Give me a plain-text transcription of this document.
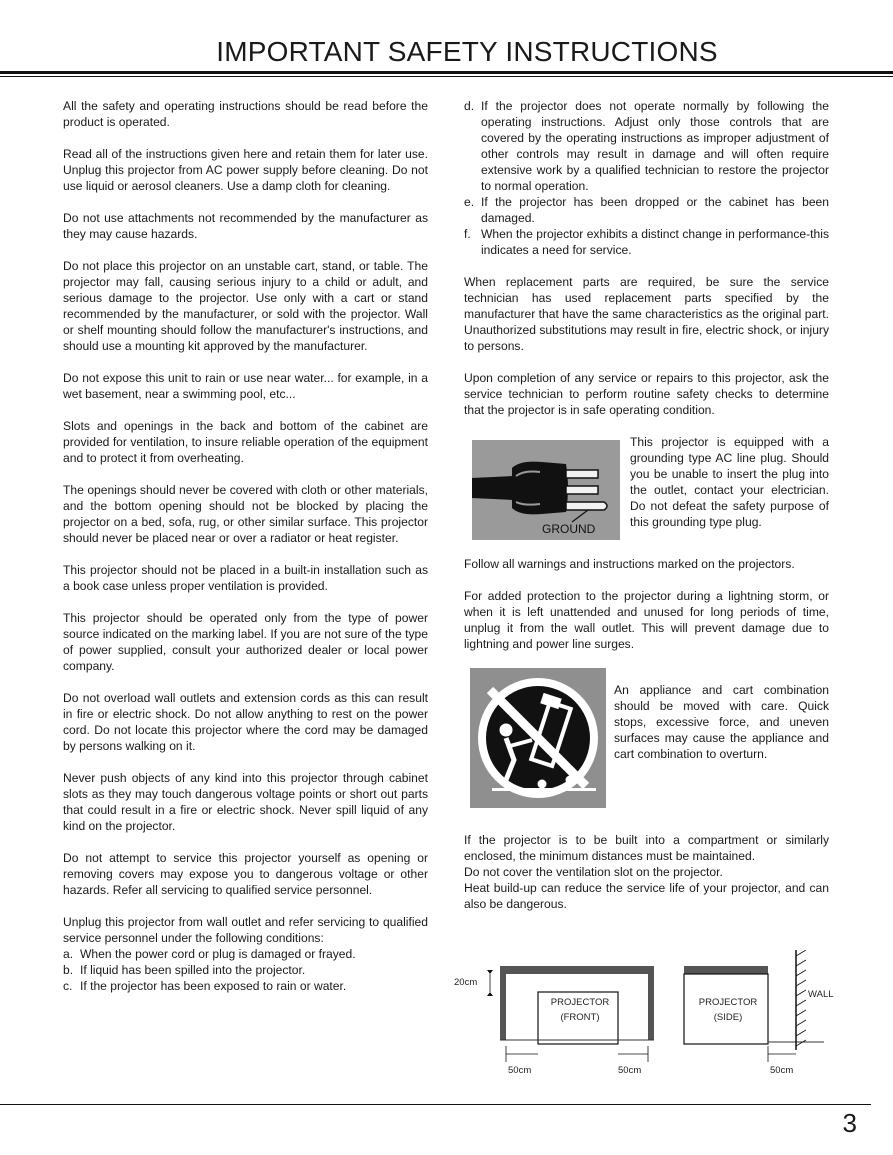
IMPORTANT SAFETY INSTRUCTIONS

All the safety and operating instructions should be read before the product is operated.

Read all of the instructions given here and retain them for later use. Unplug this projector from AC power supply before cleaning. Do not use liquid or aerosol cleaners. Use a damp cloth for cleaning.

Do not use attachments not recommended by the manufacturer as they may cause hazards.

Do not place this projector on an unstable cart, stand, or table. The projector may fall, causing serious injury to a child or adult, and serious damage to the projector. Use only with a cart or stand recommended by the manufacturer, or sold with the projector. Wall or shelf mounting should follow the manufacturer's instructions, and should use a mounting kit approved by the manufacturer.

Do not expose this unit to rain or use near water... for example, in a wet basement, near a swimming pool, etc...

Slots and openings in the back and bottom of the cabinet are provided for ventilation, to insure reliable operation of the equipment and to protect it from overheating.

The openings should never be covered with cloth or other materials, and the bottom opening should not be blocked by placing the projector on a bed, sofa, rug, or other similar surface. This projector should never be placed near or over a radiator or heat register.

This projector should not be placed in a built-in installation such as a book case unless proper ventilation is provided.

This projector should be operated only from the type of power source indicated on the marking label. If you are not sure of the type of power supplied, consult your authorized dealer or local power company.

Do not overload wall outlets and extension cords as this can result in fire or electric shock. Do not allow anything to rest on the power cord. Do not locate this projector where the cord may be damaged by persons walking on it.

Never push objects of any kind into this projector through cabinet slots as they may touch dangerous voltage points or short out parts that could result in a fire or electric shock. Never spill liquid of any kind on the projector.

Do not attempt to service this projector yourself as opening or removing covers may expose you to dangerous voltage or other hazards. Refer all servicing to qualified service personnel.

Unplug this projector from wall outlet and refer servicing to qualified service personnel under the following conditions:

a. When the power cord or plug is damaged or frayed.
b. If liquid has been spilled into the projector.
c. If the projector has been exposed to rain or water.
d. If the projector does not operate normally by following the operating instructions. Adjust only those controls that are covered by the operating instructions as improper adjustment of other controls may result in damage and will often require extensive work by a qualified technician to restore the projector to normal operation.
e. If the projector has been dropped or the cabinet has been damaged.
f. When the projector exhibits a distinct change in performance-this indicates a need for service.

When replacement parts are required, be sure the service technician has used replacement parts specified by the manufacturer that have the same characteristics as the original part. Unauthorized substitutions may result in fire, electric shock, or injury to persons.

Upon completion of any service or repairs to this projector, ask the service technician to perform routine safety checks to determine that the projector is in safe operating condition.

GROUND
This projector is equipped with a grounding type AC line plug. Should you be unable to insert the plug into the outlet, contact your electrician. Do not defeat the safety purpose of this grounding type plug.

Follow all warnings and instructions marked on the projectors.

For added protection to the projector during a lightning storm, or when it is left unattended and unused for long periods of time, unplug it from the wall outlet. This will prevent damage due to lightning and power line surges.

An appliance and cart combination should be moved with care. Quick stops, excessive force, and uneven surfaces may cause the appliance and cart combination to overturn.
If the projector is to be built into a compartment or similarly enclosed, the minimum distances must be maintained.
Do not cover the ventilation slot on the projector.
Heat build-up can reduce the service life of your projector, and can also be dangerous.
20cm
PROJECTOR
(FRONT)
PROJECTOR
(SIDE)
WALL
50cm	50cm	50cm
3
